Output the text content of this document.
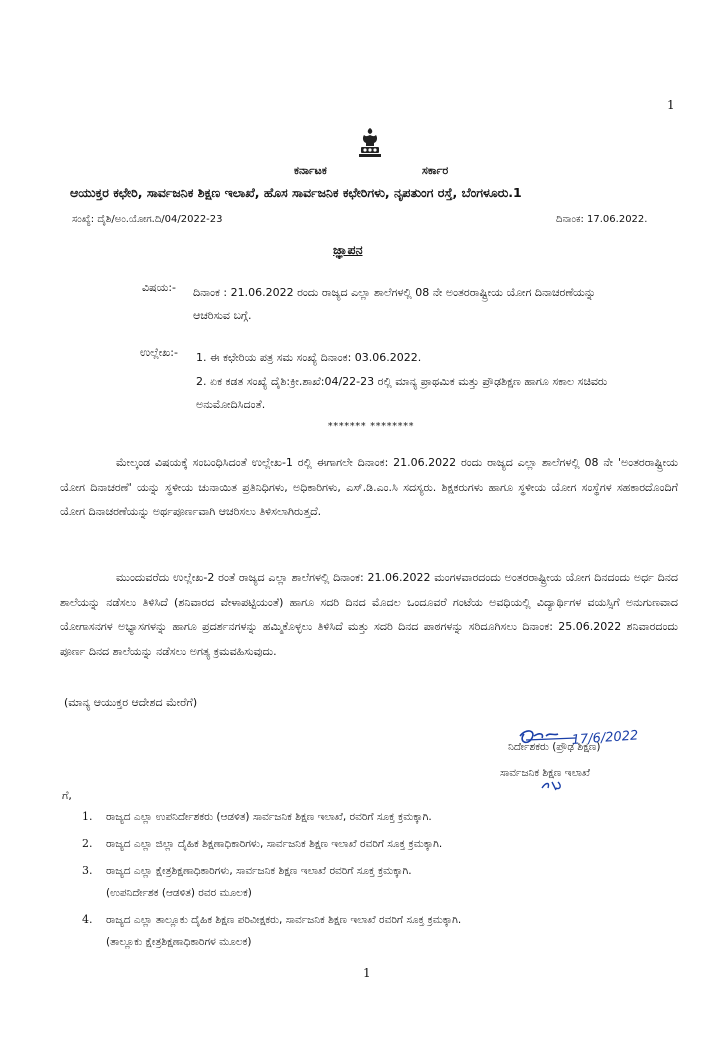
1
ಕರ್ನಾಟಕ	ಸರ್ಕಾರ
ಆಯುಕ್ತರ ಕಛೇರಿ, ಸಾರ್ವಜನಿಕ ಶಿಕ್ಷಣ ಇಲಾಖೆ, ಹೊಸ ಸಾರ್ವಜನಿಕ ಕಛೇರಿಗಳು, ನೃಪತುಂಗ ರಸ್ತೆ, ಬೆಂಗಳೂರು.1
ಸಂಖ್ಯೆ: ದೈಶಿ/ಅಂ.ಯೋಗ.ದಿ/04/2022-23	ದಿನಾಂಕ: 17.06.2022.
ಜ್ಞಾಪನ
ವಿಷಯ:- ದಿನಾಂಕ : 21.06.2022 ರಂದು ರಾಜ್ಯದ ಎಲ್ಲಾ ಶಾಲೆಗಳಲ್ಲಿ 08 ನೇ ಅಂತರರಾಷ್ಟ್ರೀಯ ಯೋಗ ದಿನಾಚರಣೆಯನ್ನು ಆಚರಿಸುವ ಬಗ್ಗೆ.
ಉಲ್ಲೇಖ:- 1. ಈ ಕಛೇರಿಯ ಪತ್ರ ಸಮ ಸಂಖ್ಯೆ ದಿನಾಂಕ: 03.06.2022.
2. ಏಕ ಕಡತ ಸಂಖ್ಯೆ ದೈಶಿ:ಕ್ರೀ.ಶಾಖೆ:04/22-23 ರಲ್ಲಿ ಮಾನ್ಯ ಪ್ರಾಥಮಿಕ ಮತ್ತು ಪ್ರೌಢಶಿಕ್ಷಣ ಹಾಗೂ ಸಕಾಲ ಸಚಿವರು ಅನುಮೋದಿಸಿದಂತೆ.
******* ********
ಮೇಲ್ಕಂಡ ವಿಷಯಕ್ಕೆ ಸಂಬಂಧಿಸಿದಂತೆ ಉಲ್ಲೇಖ-1 ರಲ್ಲಿ ಈಗಾಗಲೇ ದಿನಾಂಕ: 21.06.2022 ರಂದು ರಾಜ್ಯದ ಎಲ್ಲಾ ಶಾಲೆಗಳಲ್ಲಿ 08 ನೇ 'ಅಂತರರಾಷ್ಟ್ರೀಯ ಯೋಗ ದಿನಾಚರಣೆ' ಯನ್ನು ಸ್ಥಳೀಯ ಚುನಾಯಿತ ಪ್ರತಿನಿಧಿಗಳು, ಅಧಿಕಾರಿಗಳು, ಎಸ್.ಡಿ.ಎಂ.ಸಿ ಸದಸ್ಯರು. ಶಿಕ್ಷಕರುಗಳು ಹಾಗೂ ಸ್ಥಳೀಯ ಯೋಗ ಸಂಸ್ಥೆಗಳ ಸಹಕಾರದೊಂದಿಗೆ ಯೋಗ ದಿನಾಚರಣೆಯನ್ನು ಅರ್ಥಪೂರ್ಣವಾಗಿ ಆಚರಿಸಲು ತಿಳಿಸಲಾಗಿರುತ್ತದೆ.
ಮುಂದುವರೆದು ಉಲ್ಲೇಖ-2 ರಂತೆ ರಾಜ್ಯದ ಎಲ್ಲಾ ಶಾಲೆಗಳಲ್ಲಿ ದಿನಾಂಕ: 21.06.2022 ಮಂಗಳವಾರದಂದು ಅಂತರರಾಷ್ಟ್ರೀಯ ಯೋಗ ದಿನದಂದು ಅರ್ಧ ದಿನದ ಶಾಲೆಯನ್ನು ನಡೆಸಲು ತಿಳಿಸಿದೆ (ಶನಿವಾರದ ವೇಳಾಪಟ್ಟಿಯಂತೆ) ಹಾಗೂ ಸದರಿ ದಿನದ ಮೊದಲ ಒಂದೂವರೆ ಗಂಟೆಯ ಅವಧಿಯಲ್ಲಿ ವಿದ್ಯಾರ್ಥಿಗಳ ವಯಸ್ಸಿಗೆ ಅನುಗುಣವಾದ ಯೋಗಾಸನಗಳ ಅಭ್ಯಾಸಗಳನ್ನು ಹಾಗೂ ಪ್ರದರ್ಶನಗಳನ್ನು ಹಮ್ಮಿಕೊಳ್ಳಲು ತಿಳಿಸಿದೆ ಮತ್ತು ಸದರಿ ದಿನದ ಪಾಠಗಳನ್ನು ಸರಿದೂಗಿಸಲು ದಿನಾಂಕ: 25.06.2022 ಶನಿವಾರದಂದು ಪೂರ್ಣ ದಿನದ ಶಾಲೆಯನ್ನು ನಡೆಸಲು ಅಗತ್ಯ ಕ್ರಮವಹಿಸುವುದು.
(ಮಾನ್ಯ ಆಯುಕ್ತರ ಆದೇಶದ ಮೇರೆಗೆ)
17/6/2022
ನಿರ್ದೇಶಕರು (ಪ್ರೌಢ ಶಿಕ್ಷಣ)
ಸಾರ್ವಜನಿಕ ಶಿಕ್ಷಣ ಇಲಾಖೆ
ಗೆ,
1.	ರಾಜ್ಯದ ಎಲ್ಲಾ ಉಪನಿರ್ದೇಶಕರು (ಆಡಳಿತ) ಸಾರ್ವಜನಿಕ ಶಿಕ್ಷಣ ಇಲಾಖೆ, ರವರಿಗೆ ಸೂಕ್ತ ಕ್ರಮಕ್ಕಾಗಿ.
2.	ರಾಜ್ಯದ ಎಲ್ಲಾ ಜಿಲ್ಲಾ ದೈಹಿಕ ಶಿಕ್ಷಣಾಧಿಕಾರಿಗಳು, ಸಾರ್ವಜನಿಕ ಶಿಕ್ಷಣ ಇಲಾಖೆ ರವರಿಗೆ ಸೂಕ್ತ ಕ್ರಮಕ್ಕಾಗಿ.
3.	ರಾಜ್ಯದ ಎಲ್ಲಾ ಕ್ಷೇತ್ರಶಿಕ್ಷಣಾಧಿಕಾರಿಗಳು, ಸಾರ್ವಜನಿಕ ಶಿಕ್ಷಣ ಇಲಾಖೆ ರವರಿಗೆ ಸೂಕ್ತ ಕ್ರಮಕ್ಕಾಗಿ.
(ಉಪನಿರ್ದೇಶಕ (ಆಡಳಿತ) ರವರ ಮೂಲಕ)
4.	ರಾಜ್ಯದ ಎಲ್ಲಾ ತಾಲ್ಲೂಕು ದೈಹಿಕ ಶಿಕ್ಷಣ ಪರಿವೀಕ್ಷಕರು, ಸಾರ್ವಜನಿಕ ಶಿಕ್ಷಣ ಇಲಾಖೆ ರವರಿಗೆ ಸೂಕ್ತ ಕ್ರಮಕ್ಕಾಗಿ.
(ತಾಲ್ಲೂಕು ಕ್ಷೇತ್ರಶಿಕ್ಷಣಾಧಿಕಾರಿಗಳ ಮೂಲಕ)
1
